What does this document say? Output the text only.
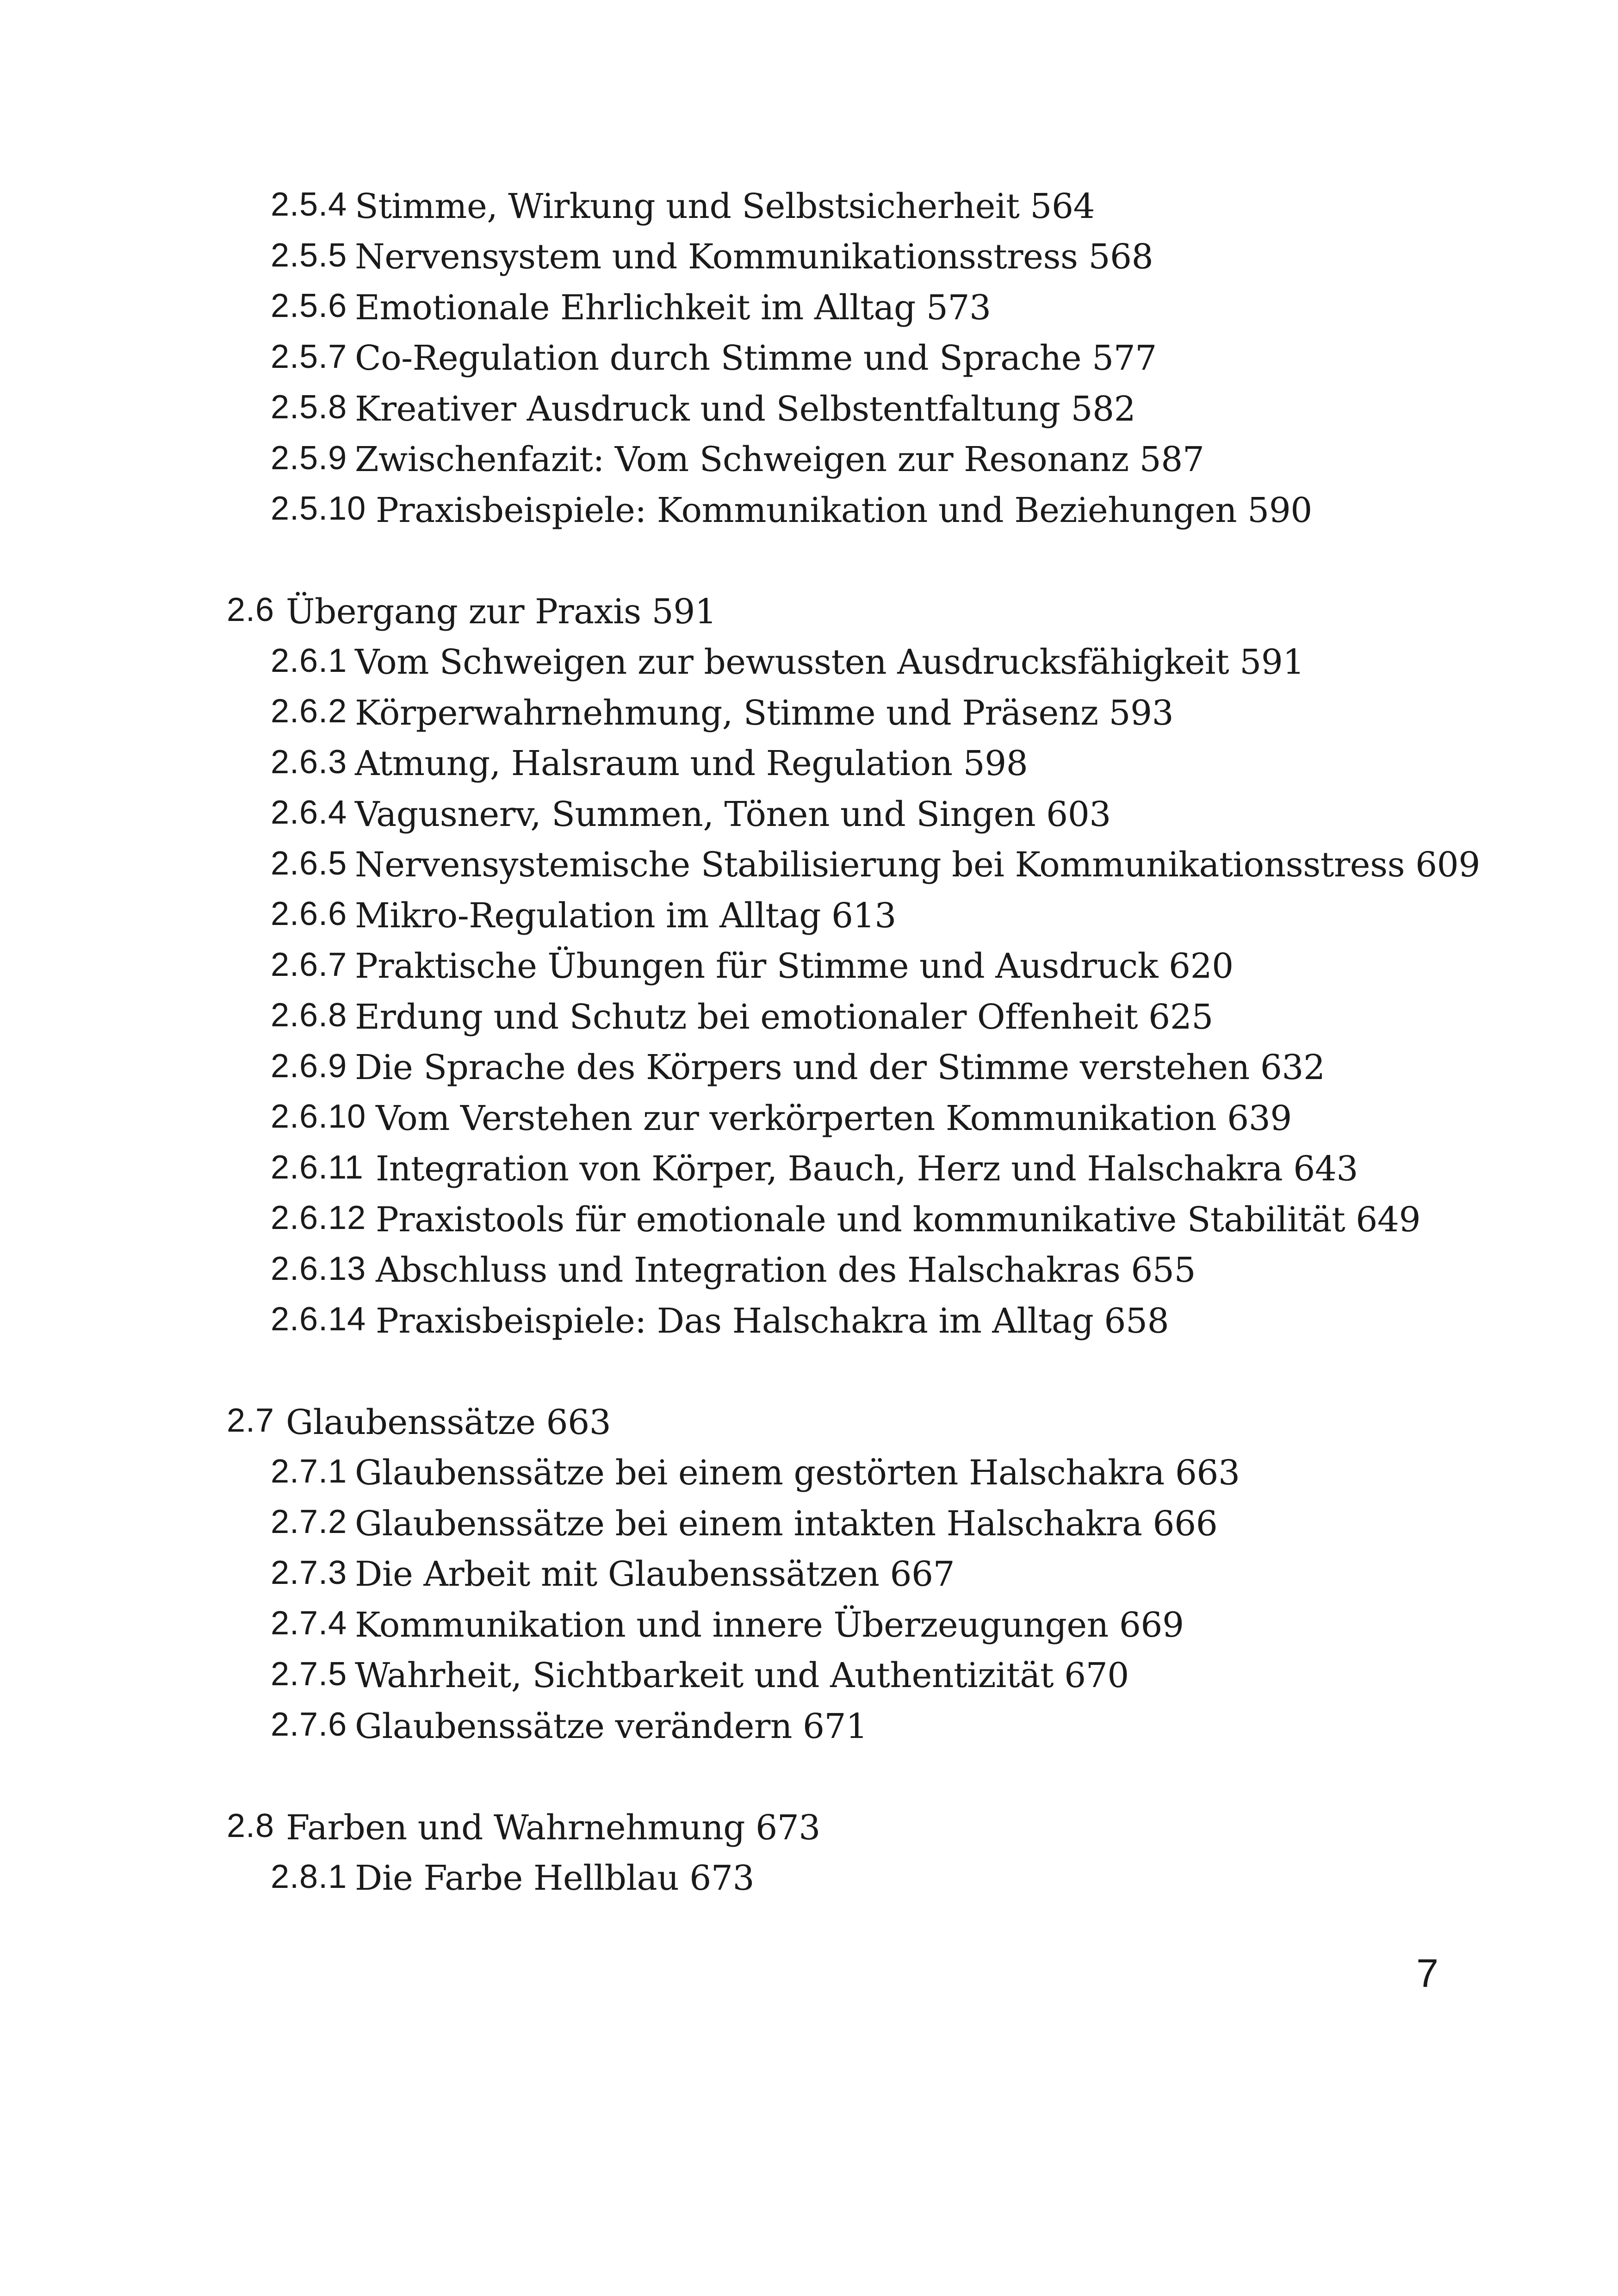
2.5.4 Stimme, Wirkung und Selbstsicherheit 564
2.5.5 Nervensystem und Kommunikationsstress 568
2.5.6 Emotionale Ehrlichkeit im Alltag 573
2.5.7 Co-Regulation durch Stimme und Sprache 577
2.5.8 Kreativer Ausdruck und Selbstentfaltung 582
2.5.9 Zwischenfazit: Vom Schweigen zur Resonanz 587
2.5.10 Praxisbeispiele: Kommunikation und Beziehungen 590
2.6 Übergang zur Praxis 591
2.6.1 Vom Schweigen zur bewussten Ausdrucksfähigkeit 591
2.6.2 Körperwahrnehmung, Stimme und Präsenz 593
2.6.3 Atmung, Halsraum und Regulation 598
2.6.4 Vagusnerv, Summen, Tönen und Singen 603
2.6.5 Nervensystemische Stabilisierung bei Kommunikationsstress 609
2.6.6 Mikro-Regulation im Alltag 613
2.6.7 Praktische Übungen für Stimme und Ausdruck 620
2.6.8 Erdung und Schutz bei emotionaler Offenheit 625
2.6.9 Die Sprache des Körpers und der Stimme verstehen 632
2.6.10 Vom Verstehen zur verkörperten Kommunikation 639
2.6.11 Integration von Körper, Bauch, Herz und Halschakra 643
2.6.12 Praxistools für emotionale und kommunikative Stabilität 649
2.6.13 Abschluss und Integration des Halschakras 655
2.6.14 Praxisbeispiele: Das Halschakra im Alltag 658
2.7 Glaubenssätze 663
2.7.1 Glaubenssätze bei einem gestörten Halschakra 663
2.7.2 Glaubenssätze bei einem intakten Halschakra 666
2.7.3 Die Arbeit mit Glaubenssätzen 667
2.7.4 Kommunikation und innere Überzeugungen 669
2.7.5 Wahrheit, Sichtbarkeit und Authentizität 670
2.7.6 Glaubenssätze verändern 671
2.8 Farben und Wahrnehmung 673
2.8.1 Die Farbe Hellblau 673
7
